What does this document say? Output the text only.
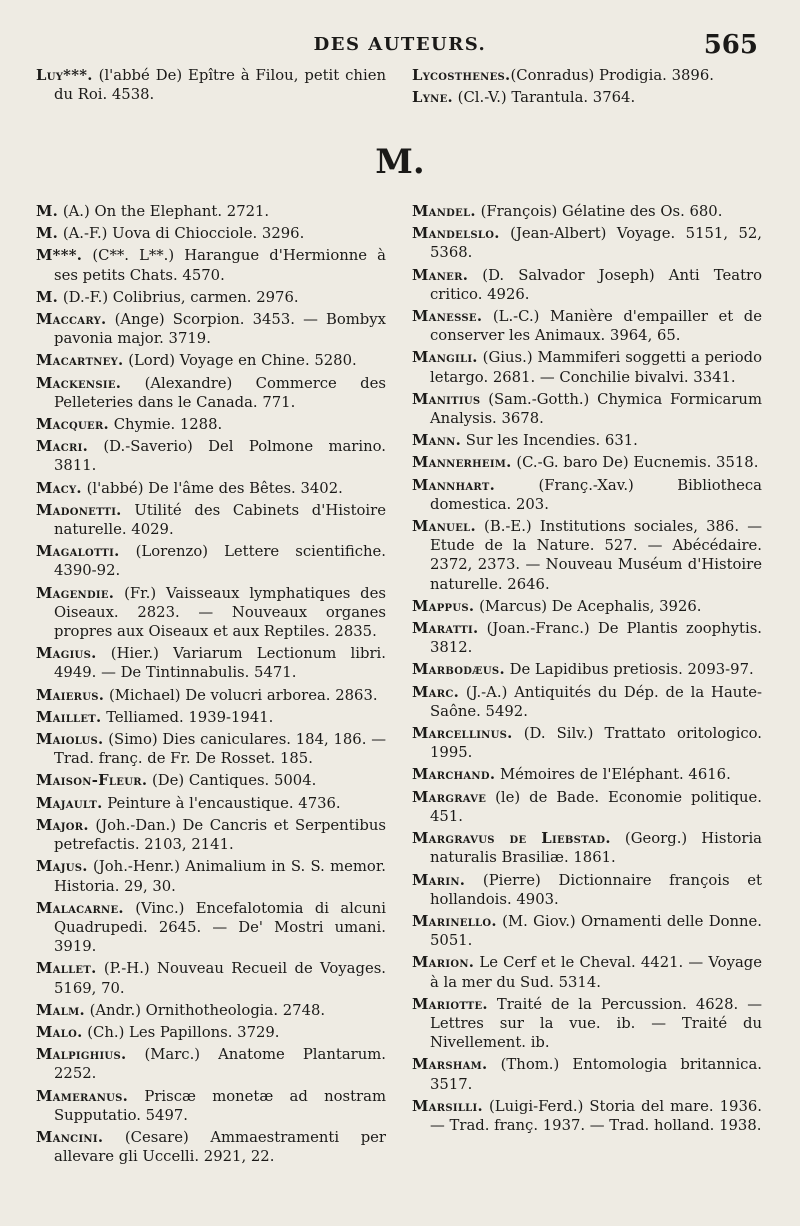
DES AUTEURS.	565
Luy***. (l'abbé De) Epître à Filou, petit chien du Roi. 4538.
Lycosthenes.(Conradus) Prodigia. 3896.
Lyne. (Cl.-V.) Tarantula. 3764.
M.
M. (A.) On the Elephant. 2721.
M. (A.-F.) Uova di Chiocciole. 3296.
M***. (C**. L**.) Harangue d'Hermionne à ses petits Chats. 4570.
M. (D.-F.) Colibrius, carmen. 2976.
Maccary. (Ange) Scorpion. 3453. — Bombyx pavonia major. 3719.
Macartney. (Lord) Voyage en Chine. 5280.
Mackensie. (Alexandre) Commerce des Pelleteries dans le Canada. 771.
Macquer. Chymie. 1288.
Macri. (D.-Saverio) Del Polmone marino. 3811.
Macy. (l'abbé) De l'âme des Bêtes. 3402.
Madonetti. Utilité des Cabinets d'Histoire naturelle. 4029.
Magalotti. (Lorenzo) Lettere scientifiche. 4390-92.
Magendie. (Fr.) Vaisseaux lymphatiques des Oiseaux. 2823. — Nouveaux organes propres aux Oiseaux et aux Reptiles. 2835.
Magius. (Hier.) Variarum Lectionum libri. 4949. — De Tintinnabulis. 5471.
Maierus. (Michael) De volucri arborea. 2863.
Maillet. Telliamed. 1939-1941.
Maiolus. (Simo) Dies caniculares. 184, 186. — Trad. franç. de Fr. De Rosset. 185.
Maison-Fleur. (De) Cantiques. 5004.
Majault. Peinture à l'encaustique. 4736.
Major. (Joh.-Dan.) De Cancris et Serpentibus petrefactis. 2103, 2141.
Majus. (Joh.-Henr.) Animalium in S. S. memor. Historia. 29, 30.
Malacarne. (Vinc.) Encefalotomia di alcuni Quadrupedi. 2645. — De' Mostri umani. 3919.
Mallet. (P.-H.) Nouveau Recueil de Voyages. 5169, 70.
Malm. (Andr.) Ornithotheologia. 2748.
Malo. (Ch.) Les Papillons. 3729.
Malpighius. (Marc.) Anatome Plantarum. 2252.
Mameranus. Priscæ monetæ ad nostram Supputatio. 5497.
Mancini. (Cesare) Ammaestramenti per allevare gli Uccelli. 2921, 22.
Mandel. (François) Gélatine des Os. 680.
Mandelslo. (Jean-Albert) Voyage. 5151, 52, 5368.
Maner. (D. Salvador Joseph) Anti Teatro critico. 4926.
Manesse. (L.-C.) Manière d'empailler et de conserver les Animaux. 3964, 65.
Mangili. (Gius.) Mammiferi soggetti a periodo letargo. 2681. — Conchilie bivalvi. 3341.
Manitius (Sam.-Gotth.) Chymica Formicarum Analysis. 3678.
Mann. Sur les Incendies. 631.
Mannerheim. (C.-G. baro De) Eucnemis. 3518.
Mannhart. (Franç.-Xav.) Bibliotheca domestica. 203.
Manuel. (B.-E.) Institutions sociales, 386. — Etude de la Nature. 527. — Abécédaire. 2372, 2373. — Nouveau Muséum d'Histoire naturelle. 2646.
Mappus. (Marcus) De Acephalis, 3926.
Maratti. (Joan.-Franc.) De Plantis zoophytis. 3812.
Marbodæus. De Lapidibus pretiosis. 2093-97.
Marc. (J.-A.) Antiquités du Dép. de la Haute-Saône. 5492.
Marcellinus. (D. Silv.) Trattato oritologico. 1995.
Marchand. Mémoires de l'Eléphant. 4616.
Margrave (le) de Bade. Economie politique. 451.
Margravus de Liebstad. (Georg.) Historia naturalis Brasiliæ. 1861.
Marin. (Pierre) Dictionnaire françois et hollandois. 4903.
Marinello. (M. Giov.) Ornamenti delle Donne. 5051.
Marion. Le Cerf et le Cheval. 4421. — Voyage à la mer du Sud. 5314.
Mariotte. Traité de la Percussion. 4628. — Lettres sur la vue. ib. — Traité du Nivellement. ib.
Marsham. (Thom.) Entomologia britannica. 3517.
Marsilli. (Luigi-Ferd.) Storia del mare. 1936. — Trad. franç. 1937. — Trad. holland. 1938.
